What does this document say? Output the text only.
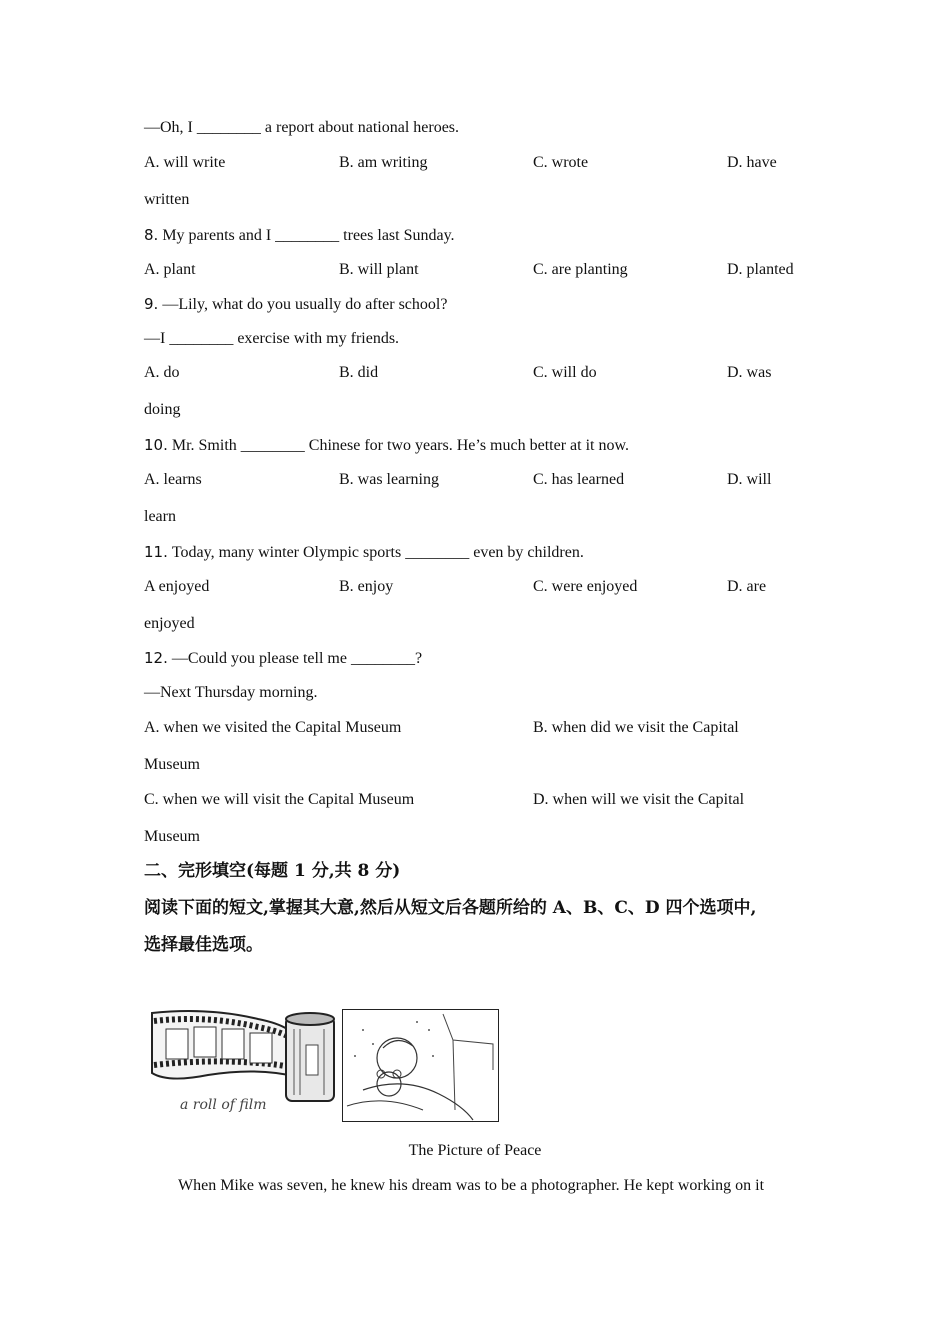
—Oh, I ________ a report about national heroes.
A. will write	B. am writing	C. wrote	D. have
written
8. My parents and I ________ trees last Sunday.
A. plant	B. will plant	C. are planting	D. planted
9. —Lily, what do you usually do after school?
—I ________ exercise with my friends.
A. do	B. did	C. will do	D. was
doing
10. Mr. Smith ________ Chinese for two years. He’s much better at it now.
A. learns	B. was learning	C. has learned	D. will
learn
11. Today, many winter Olympic sports ________ even by children.
A enjoyed	B. enjoy	C. were enjoyed	D. are
enjoyed
12. —Could you please tell me ________?
—Next Thursday morning.
A. when we visited the Capital Museum	B. when did we visit the Capital
Museum
C. when we will visit the Capital Museum	D. when will we visit the Capital
Museum
二、完形填空(每题 1 分,共 8 分)
阅读下面的短文,掌握其大意,然后从短文后各题所给的 A、B、C、D 四个选项中,
选择最佳选项。
a roll of film
The Picture of Peace
When Mike was seven, he knew his dream was to be a photographer. He kept working on it
